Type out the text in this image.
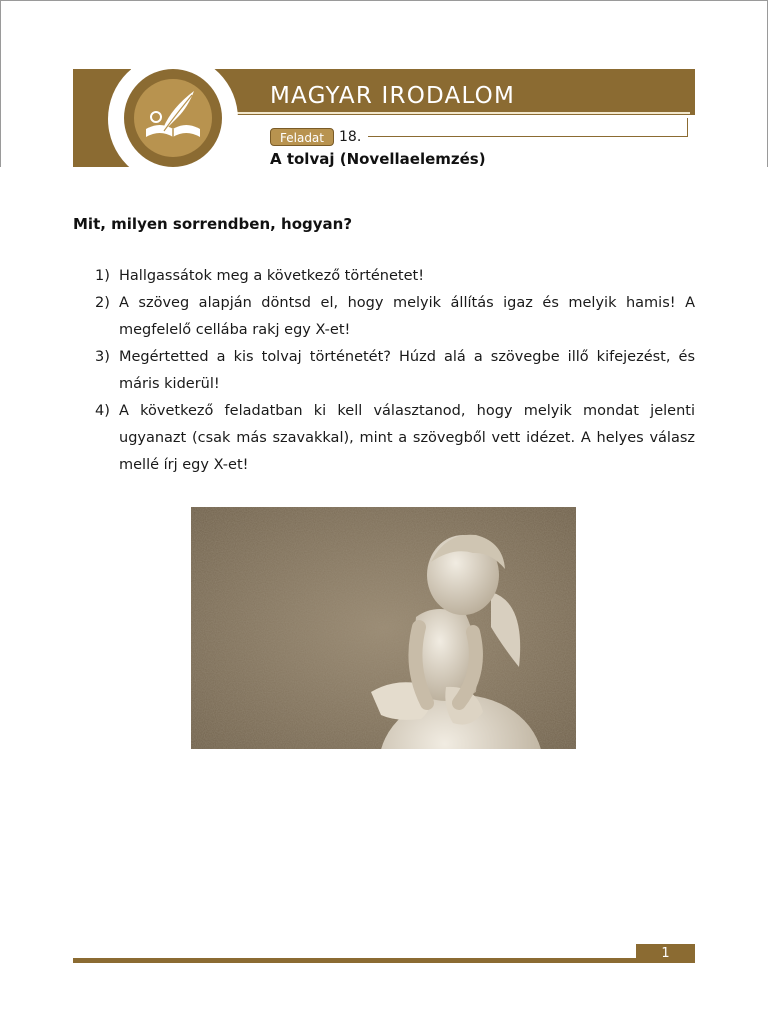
MAGYAR IRODALOM
Feladat	18.
A tolvaj (Novellaelemzés)
Mit, milyen sorrendben, hogyan?
1) Hallgassátok meg a következő történetet!
2) A szöveg alapján döntsd el, hogy melyik állítás igaz és melyik hamis! A megfelelő cellába rakj egy X-et!
3) Megértetted a kis tolvaj történetét? Húzd alá a szövegbe illő kifejezést, és máris kiderül!
4) A következő feladatban ki kell választanod, hogy melyik mondat jelenti ugyanazt (csak más szavakkal), mint a szövegből vett idézet. A helyes válasz mellé írj egy X-et!
1
